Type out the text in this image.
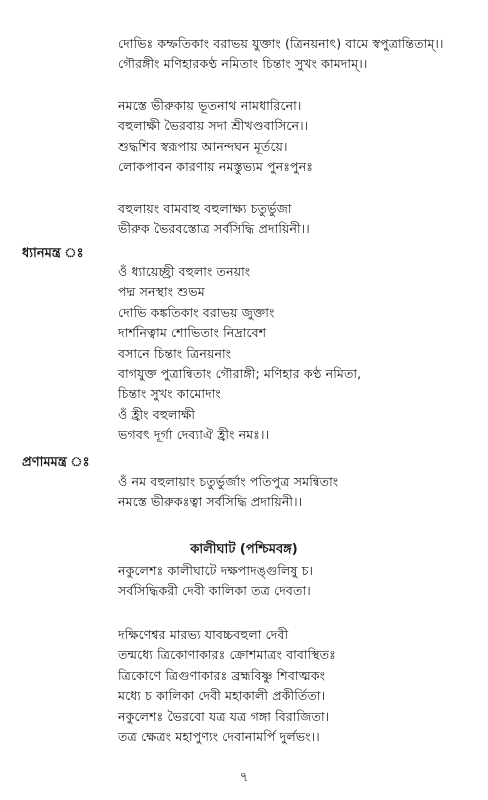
দোভিঃ কম্ফতিকাং বরাভয় যুক্তাং (ত্রিনয়নাৎ) বামে স্বপুত্রান্তিতাম্।।
গৌরঙ্গীং মণিহারকণ্ঠ নমিতাং চিন্তাং সুখং কামদাম্।।
নমস্তে ভীরুকায় ভূতনাথ নামধারিনো।
বহুলাক্ষী ভৈরবায় সদা শ্রীখণ্ডবাসিনে।।
শুদ্ধশিব স্বরূপায় আনন্দঘন মূর্তয়ে।
লোকপাবন কারণায় নমস্তুভ্যম পুনঃপুনঃ
বহুলায়ং বামবাহু বহুলাক্ষ্য চতুর্ভুজা
ভীরুক ভৈরবস্তোত্র সর্বসিদ্ধি প্রদায়িনী।।
ধ্যানমন্ত্র ঃ
ওঁ ধ্যায়েচ্ছ্রী বহুলাং তনয়াং
পদ্ম সনস্থাং শুভম
দোভি কঙ্কতিকাং বরাভয় জুক্তাং
দার্শনিত্বাম শোভিতাং নিদ্রাবেশ
বসানে চিন্তাং ত্রিনয়নাং
বাগযুক্ত পুত্রান্বিতাং গৌরাঙ্গী; মণিহার কণ্ঠ নমিতা,
চিন্তাং সুখং কামোদাং
ওঁ হ্রীং বহুলাক্ষী
ভগবৎ দূর্গা দেব্যাঐ হ্রীং নমঃ।।
প্রণামমন্ত্র ঃ
ওঁ নম বহুলায়াং চতুর্ভুর্জাং পতিপুত্র সমন্বিতাং
নমস্তে ভীরুকঃত্বা সর্বসিদ্ধি প্রদায়িনী।।
কালীঘাট (পশ্চিমবঙ্গ)
নকুলেশঃ কালীঘাটে দক্ষপাদঙ্গুলিষু চ।
সর্বসিদ্ধিকরী দেবী কালিকা তত্র দেবতা।
দক্ষিণেশ্বর মারভ্য যাবচ্চবহুলা দেবী
তন্মধ্যে ত্রিকোণাকারঃ ক্রোশমাত্রং বাবাস্থিতঃ
ত্রিকোণে ত্রিগুণাকারঃ ব্রহ্মবিষ্ণু শিবাত্মকং
মধ্যে চ কালিকা দেবী মহাকালী প্রকীর্তিতা।
নকুলেশঃ ভৈরবো যত্র যত্র গঙ্গা বিরাজিতা।
তত্র ক্ষেত্রং মহাপুণ্যং দেবানামর্পি দুর্লভং।।
৭
